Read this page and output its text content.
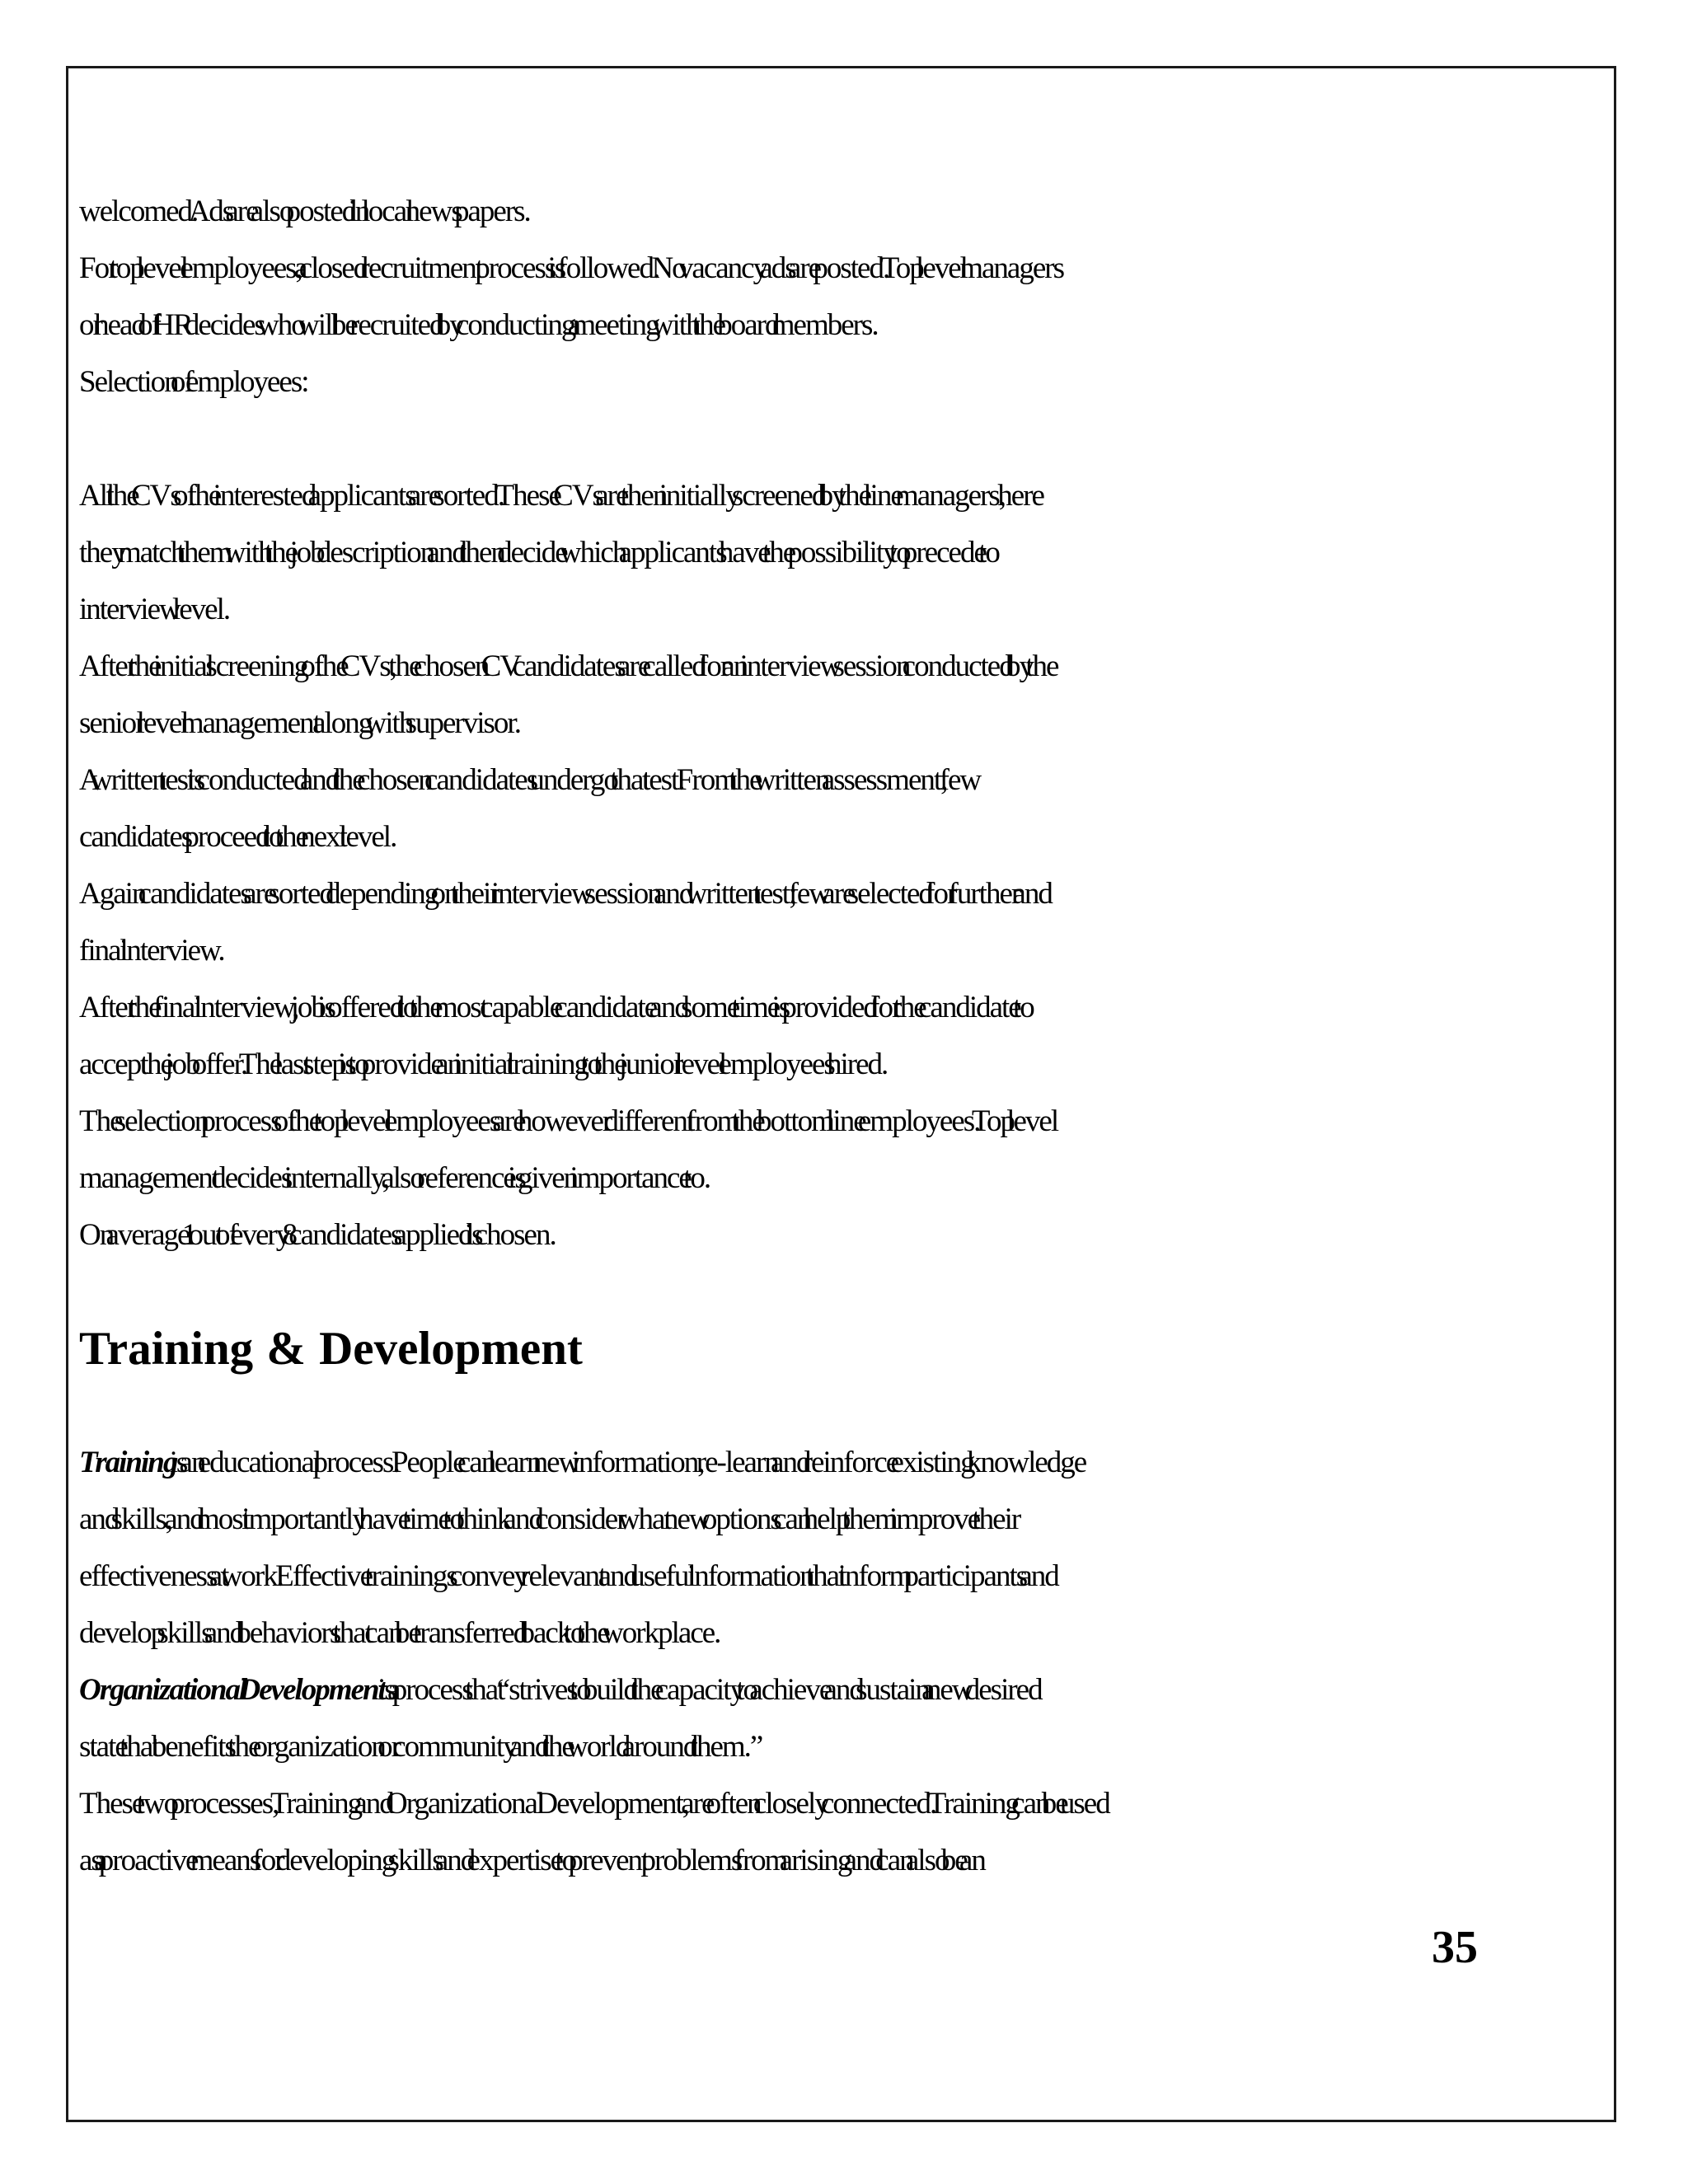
welcomed. Ads are also posted in local news papers.
For top level employees, a closed recruitment process is followed. No vacancy ads are posted. Top level managers
or head of HR decides who will be recruited by conducting a meeting with the board members.
Selection of employees:
All the CVs of the interested applicants are sorted. These CVs are then initially screened by the line managers, here
they match them with the job description and then decide which applicants have the possibility to precede to
interview level.
After the initial screening of the CVs, the chosen CV candidates are called for an interview session conducted by the
senior level management along with supervisor.
A written test is conducted and the chosen candidates undergo that test. From the written assessment, few
candidates proceed to the next level.
Again candidates are sorted depending on their interview session and written test; few are selected for further and
final interview.
After the final interview, job is offered to the most capable candidate and some time is provided for the candidate to
accept the job offer. The last step is to provide an initial training to the junior level employees hired.
The selection process of the top level employees are however different from the bottom line employees. Top level
management decides internally, also reference is given importance to.
On average 1 out of every 8 candidates applied is chosen.
Training & Development
Training is an educational process. People can learn new information, re-learn and reinforce existing knowledge
and skills, and most importantly have time to think and consider what new options can help them improve their
effectiveness at work. Effective trainings convey relevant and useful information that inform participants and
develop skills and behaviors that can be transferred back to the workplace.
Organizational Development is a process that “strives to build the capacity to achieve and sustain a new desired
state that benefits the organization or community and the world around them.”
These two processes, Training and Organizational Development, are often closely connected. Training can be used
as a proactive means for developing skills and expertise to prevent problems from arising and can also be an
35
